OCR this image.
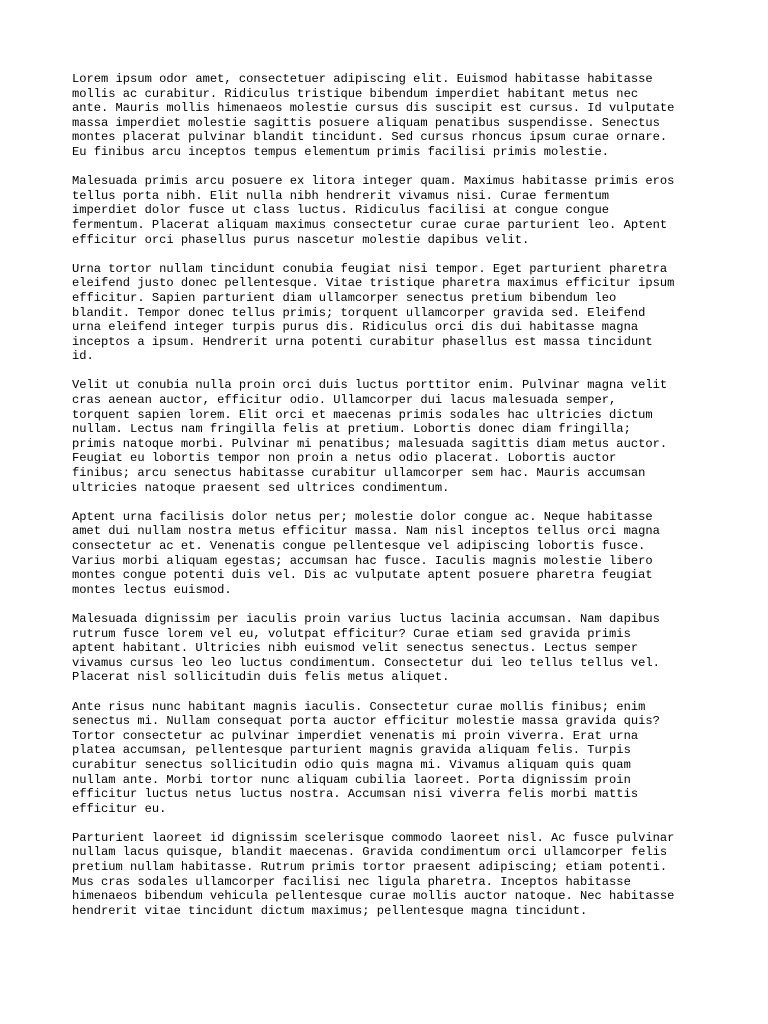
Lorem ipsum odor amet, consectetuer adipiscing elit. Euismod habitasse habitasse
mollis ac curabitur. Ridiculus tristique bibendum imperdiet habitant metus nec
ante. Mauris mollis himenaeos molestie cursus dis suscipit est cursus. Id vulputate
massa imperdiet molestie sagittis posuere aliquam penatibus suspendisse. Senectus
montes placerat pulvinar blandit tincidunt. Sed cursus rhoncus ipsum curae ornare.
Eu finibus arcu inceptos tempus elementum primis facilisi primis molestie.

Malesuada primis arcu posuere ex litora integer quam. Maximus habitasse primis eros
tellus porta nibh. Elit nulla nibh hendrerit vivamus nisi. Curae fermentum
imperdiet dolor fusce ut class luctus. Ridiculus facilisi at congue congue
fermentum. Placerat aliquam maximus consectetur curae curae parturient leo. Aptent
efficitur orci phasellus purus nascetur molestie dapibus velit.

Urna tortor nullam tincidunt conubia feugiat nisi tempor. Eget parturient pharetra
eleifend justo donec pellentesque. Vitae tristique pharetra maximus efficitur ipsum
efficitur. Sapien parturient diam ullamcorper senectus pretium bibendum leo
blandit. Tempor donec tellus primis; torquent ullamcorper gravida sed. Eleifend
urna eleifend integer turpis purus dis. Ridiculus orci dis dui habitasse magna
inceptos a ipsum. Hendrerit urna potenti curabitur phasellus est massa tincidunt
id.

Velit ut conubia nulla proin orci duis luctus porttitor enim. Pulvinar magna velit
cras aenean auctor, efficitur odio. Ullamcorper dui lacus malesuada semper,
torquent sapien lorem. Elit orci et maecenas primis sodales hac ultricies dictum
nullam. Lectus nam fringilla felis at pretium. Lobortis donec diam fringilla;
primis natoque morbi. Pulvinar mi penatibus; malesuada sagittis diam metus auctor.
Feugiat eu lobortis tempor non proin a netus odio placerat. Lobortis auctor
finibus; arcu senectus habitasse curabitur ullamcorper sem hac. Mauris accumsan
ultricies natoque praesent sed ultrices condimentum.

Aptent urna facilisis dolor netus per; molestie dolor congue ac. Neque habitasse
amet dui nullam nostra metus efficitur massa. Nam nisl inceptos tellus orci magna
consectetur ac et. Venenatis congue pellentesque vel adipiscing lobortis fusce.
Varius morbi aliquam egestas; accumsan hac fusce. Iaculis magnis molestie libero
montes congue potenti duis vel. Dis ac vulputate aptent posuere pharetra feugiat
montes lectus euismod.

Malesuada dignissim per iaculis proin varius luctus lacinia accumsan. Nam dapibus
rutrum fusce lorem vel eu, volutpat efficitur? Curae etiam sed gravida primis
aptent habitant. Ultricies nibh euismod velit senectus senectus. Lectus semper
vivamus cursus leo leo luctus condimentum. Consectetur dui leo tellus tellus vel.
Placerat nisl sollicitudin duis felis metus aliquet.

Ante risus nunc habitant magnis iaculis. Consectetur curae mollis finibus; enim
senectus mi. Nullam consequat porta auctor efficitur molestie massa gravida quis?
Tortor consectetur ac pulvinar imperdiet venenatis mi proin viverra. Erat urna
platea accumsan, pellentesque parturient magnis gravida aliquam felis. Turpis
curabitur senectus sollicitudin odio quis magna mi. Vivamus aliquam quis quam
nullam ante. Morbi tortor nunc aliquam cubilia laoreet. Porta dignissim proin
efficitur luctus netus luctus nostra. Accumsan nisi viverra felis morbi mattis
efficitur eu.

Parturient laoreet id dignissim scelerisque commodo laoreet nisl. Ac fusce pulvinar
nullam lacus quisque, blandit maecenas. Gravida condimentum orci ullamcorper felis
pretium nullam habitasse. Rutrum primis tortor praesent adipiscing; etiam potenti.
Mus cras sodales ullamcorper facilisi nec ligula pharetra. Inceptos habitasse
himenaeos bibendum vehicula pellentesque curae mollis auctor natoque. Nec habitasse
hendrerit vitae tincidunt dictum maximus; pellentesque magna tincidunt.
